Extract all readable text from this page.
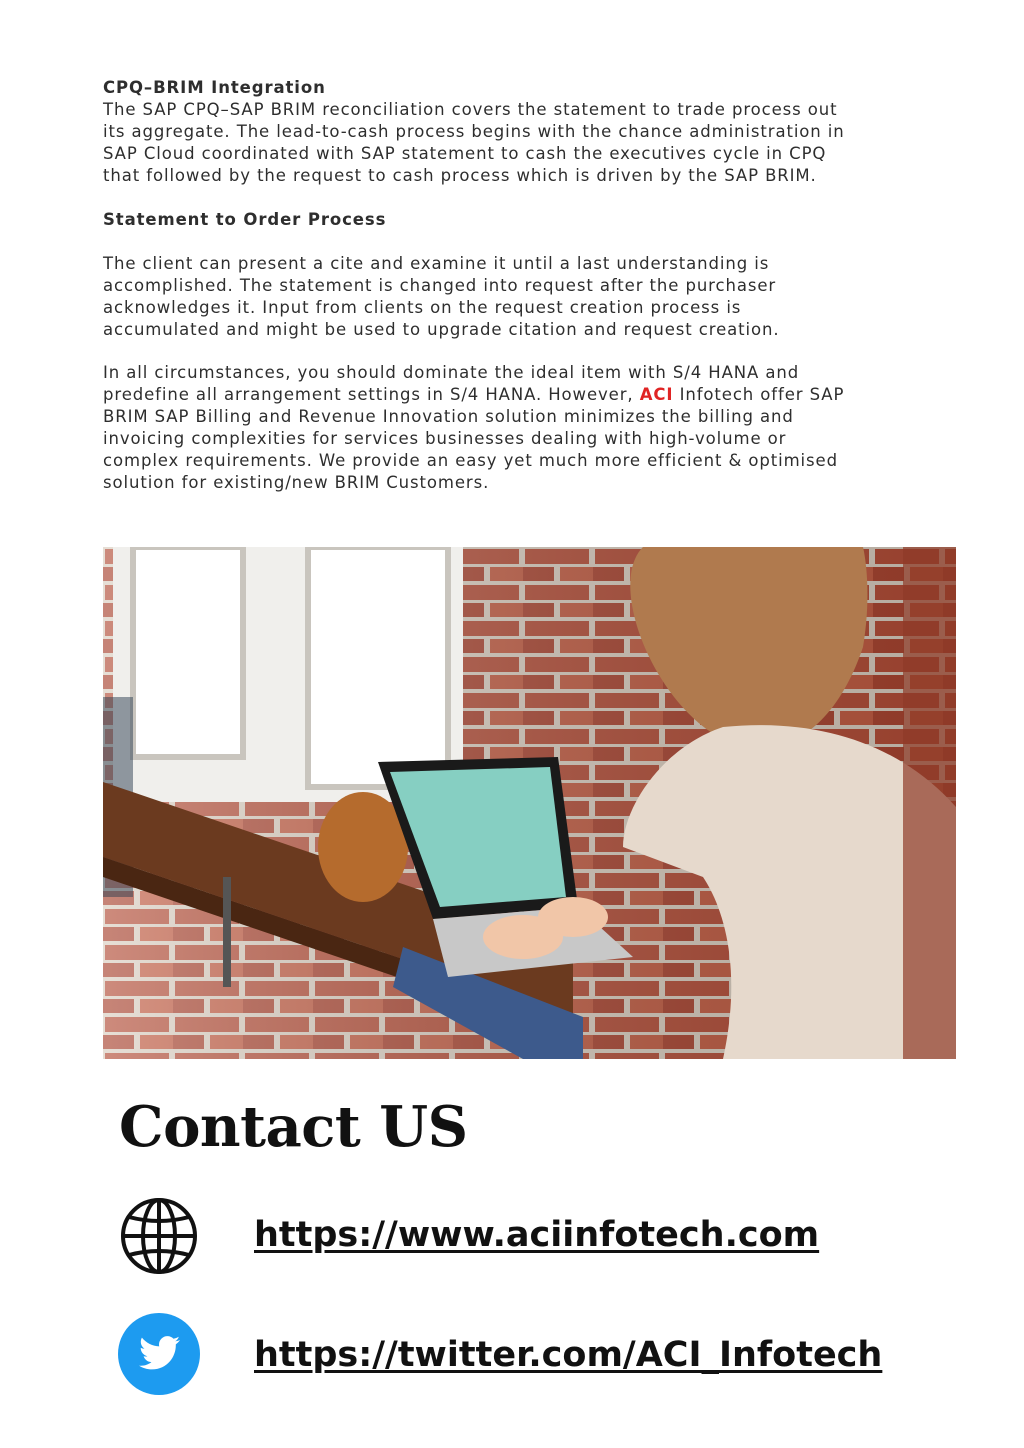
CPQ–BRIM Integration
The SAP CPQ–SAP BRIM reconciliation covers the statement to trade process out
its aggregate. The lead-to-cash process begins with the chance administration in
SAP Cloud coordinated with SAP statement to cash the executives cycle in CPQ
that followed by the request to cash process which is driven by the SAP BRIM.
Statement to Order Process
The client can present a cite and examine it until a last understanding is
accomplished. The statement is changed into request after the purchaser
acknowledges it. Input from clients on the request creation process is
accumulated and might be used to upgrade citation and request creation.
In all circumstances, you should dominate the ideal item with S/4 HANA and
predefine all arrangement settings in S/4 HANA. However, ACI Infotech offer SAP
BRIM SAP Billing and Revenue Innovation solution minimizes the billing and
invoicing complexities for services businesses dealing with high-volume or
complex requirements. We provide an easy yet much more efficient & optimised
solution for existing/new BRIM Customers.
Contact US
https://www.aciinfotech.com
https://twitter.com/ACI_Infotech
